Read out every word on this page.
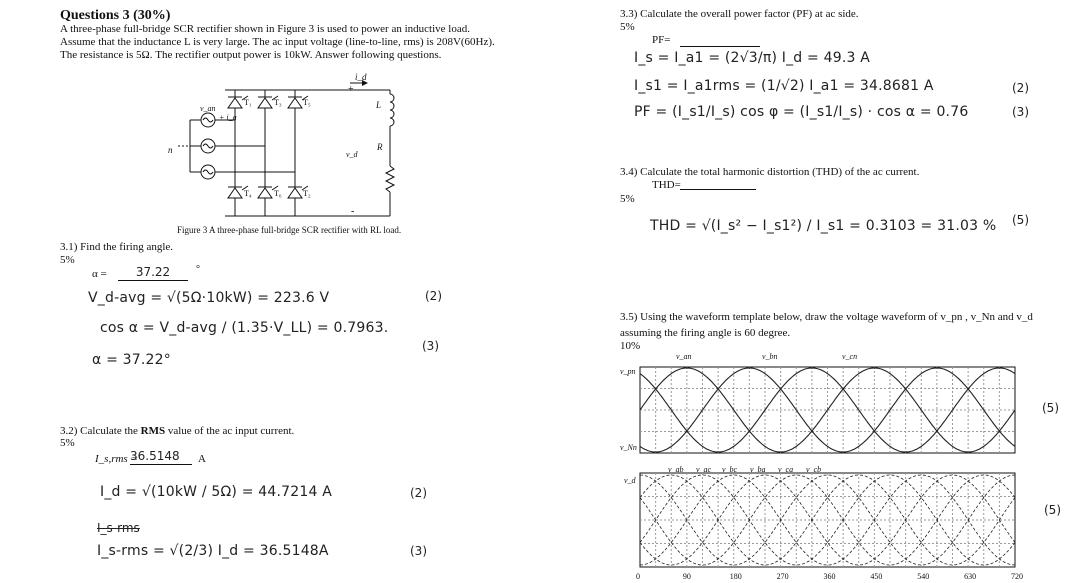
Questions 3 (30%)
A three-phase full-bridge SCR rectifier shown in Figure 3 is used to power an inductive load.
Assume that the inductance L is very large. The ac input voltage (line-to-line, rms) is 208V(60Hz).
The resistance is 5Ω. The rectifier output power is 10kW. Answer following questions.
i_d
+
L
R
v_d
-
n
v_an
+ i_a
T₁	T₃	T₅
T₄	T₆	T₂
Figure 3 A three-phase full-bridge SCR rectifier with RL load.
3.1) Find the firing angle.
5%
α =	37.22	°
V_d-avg = √(5Ω·10kW) = 223.6 V	(2)
cos α = V_d-avg / (1.35·V_LL) = 0.7963.
(3)
α = 37.22°
3.2) Calculate the RMS value of the ac input current.
5%
I_s,rms =
36.5148	A
I_d = √(10kW / 5Ω) = 44.7214 A	(2)
I_s-rms
I_s-rms = √(2/3) I_d = 36.5148A	(3)
3.3) Calculate the overall power factor (PF) at ac side.
5%
PF=
I_s = I_a1 = (2√3/π) I_d = 49.3 A
I_s1 = I_a1rms = (1/√2) I_a1 = 34.8681 A	(2)
PF = (I_s1/I_s) cos φ = (I_s1/I_s) · cos α = 0.76	(3)
3.4) Calculate the total harmonic distortion (THD) of the ac current.
THD=
5%
THD = √(I_s² − I_s1²) / I_s1 = 0.3103 = 31.03 % (5)
3.5) Using the waveform template below, draw the voltage waveform of v_pn , v_Nn and v_d
assuming the firing angle is 60 degree.
10%
v_an	v_bn	v_cn
v_pn
v_Nn
v_d
v_ab v_ac v_bc v_ba v_ca v_cb
0	90	180	270	360	450	540	630	720
(5)
(5)
